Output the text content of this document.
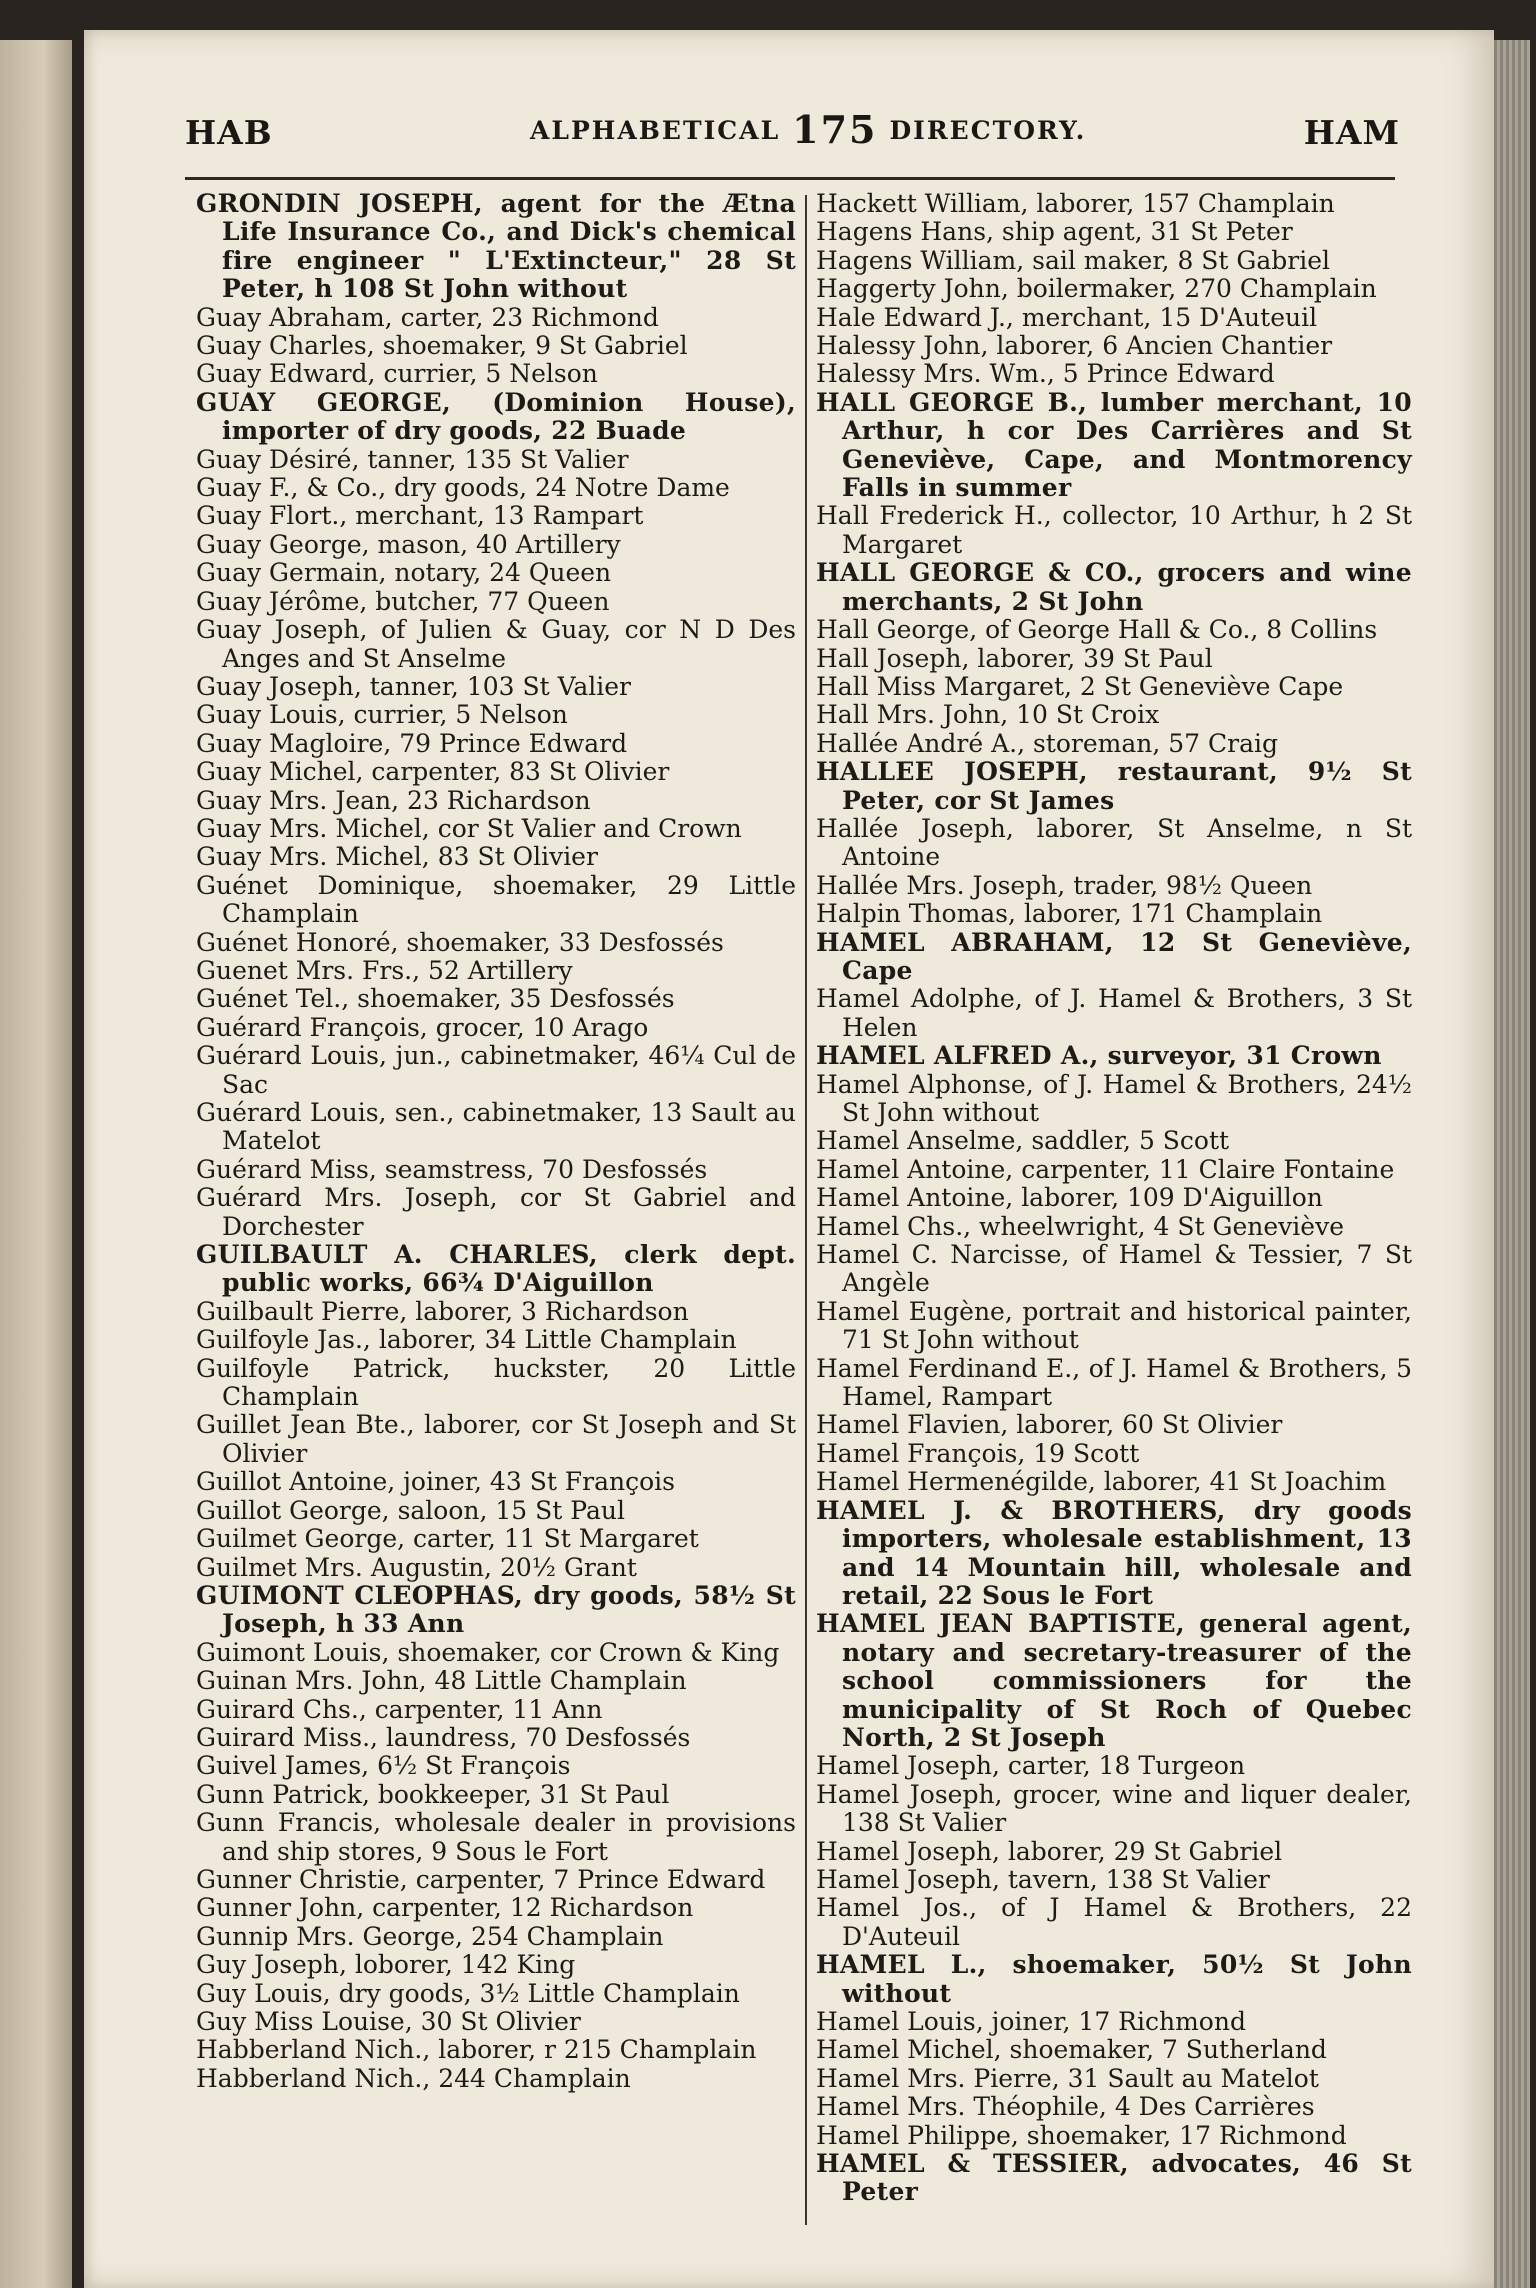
HAB	ALPHABETICAL 175 DIRECTORY.	HAM

GRONDIN JOSEPH, agent for the Ætna Life Insurance Co., and Dick's chemical fire engineer " L'Extincteur," 28 St Peter, h 108 St John without

Guay Abraham, carter, 23 Richmond

Guay Charles, shoemaker, 9 St Gabriel

Guay Edward, currier, 5 Nelson

GUAY GEORGE, (Dominion House), importer of dry goods, 22 Buade

Guay Désiré, tanner, 135 St Valier

Guay F., & Co., dry goods, 24 Notre Dame

Guay Flort., merchant, 13 Rampart

Guay George, mason, 40 Artillery

Guay Germain, notary, 24 Queen

Guay Jérôme, butcher, 77 Queen

Guay Joseph, of Julien & Guay, cor N D Des Anges and St Anselme

Guay Joseph, tanner, 103 St Valier

Guay Louis, currier, 5 Nelson

Guay Magloire, 79 Prince Edward

Guay Michel, carpenter, 83 St Olivier

Guay Mrs. Jean, 23 Richardson

Guay Mrs. Michel, cor St Valier and Crown

Guay Mrs. Michel, 83 St Olivier

Guénet Dominique, shoemaker, 29 Little Champlain

Guénet Honoré, shoemaker, 33 Desfossés

Guenet Mrs. Frs., 52 Artillery

Guénet Tel., shoemaker, 35 Desfossés

Guérard François, grocer, 10 Arago

Guérard Louis, jun., cabinetmaker, 46¼ Cul de Sac

Guérard Louis, sen., cabinetmaker, 13 Sault au Matelot

Guérard Miss, seamstress, 70 Desfossés

Guérard Mrs. Joseph, cor St Gabriel and Dorchester

GUILBAULT A. CHARLES, clerk dept. public works, 66¾ D'Aiguillon

Guilbault Pierre, laborer, 3 Richardson

Guilfoyle Jas., laborer, 34 Little Champlain

Guilfoyle Patrick, huckster, 20 Little Champlain

Guillet Jean Bte., laborer, cor St Joseph and St Olivier

Guillot Antoine, joiner, 43 St François

Guillot George, saloon, 15 St Paul

Guilmet George, carter, 11 St Margaret

Guilmet Mrs. Augustin, 20½ Grant

GUIMONT CLEOPHAS, dry goods, 58½ St Joseph, h 33 Ann

Guimont Louis, shoemaker, cor Crown & King

Guinan Mrs. John, 48 Little Champlain

Guirard Chs., carpenter, 11 Ann

Guirard Miss., laundress, 70 Desfossés

Guivel James, 6½ St François

Gunn Patrick, bookkeeper, 31 St Paul

Gunn Francis, wholesale dealer in provisions and ship stores, 9 Sous le Fort

Gunner Christie, carpenter, 7 Prince Edward

Gunner John, carpenter, 12 Richardson

Gunnip Mrs. George, 254 Champlain

Guy Joseph, loborer, 142 King

Guy Louis, dry goods, 3½ Little Champlain

Guy Miss Louise, 30 St Olivier

Habberland Nich., laborer, r 215 Champlain

Habberland Nich., 244 Champlain

Hackett William, laborer, 157 Champlain

Hagens Hans, ship agent, 31 St Peter

Hagens William, sail maker, 8 St Gabriel

Haggerty John, boilermaker, 270 Champlain

Hale Edward J., merchant, 15 D'Auteuil

Halessy John, laborer, 6 Ancien Chantier

Halessy Mrs. Wm., 5 Prince Edward

HALL GEORGE B., lumber merchant, 10 Arthur, h cor Des Carrières and St Geneviève, Cape, and Montmorency Falls in summer

Hall Frederick H., collector, 10 Arthur, h 2 St Margaret

HALL GEORGE & CO., grocers and wine merchants, 2 St John

Hall George, of George Hall & Co., 8 Collins

Hall Joseph, laborer, 39 St Paul

Hall Miss Margaret, 2 St Geneviève Cape

Hall Mrs. John, 10 St Croix

Hallée André A., storeman, 57 Craig

HALLEE JOSEPH, restaurant, 9½ St Peter, cor St James

Hallée Joseph, laborer, St Anselme, n St Antoine

Hallée Mrs. Joseph, trader, 98½ Queen

Halpin Thomas, laborer, 171 Champlain

HAMEL ABRAHAM, 12 St Geneviève, Cape

Hamel Adolphe, of J. Hamel & Brothers, 3 St Helen

HAMEL ALFRED A., surveyor, 31 Crown

Hamel Alphonse, of J. Hamel & Brothers, 24½ St John without

Hamel Anselme, saddler, 5 Scott

Hamel Antoine, carpenter, 11 Claire Fontaine

Hamel Antoine, laborer, 109 D'Aiguillon

Hamel Chs., wheelwright, 4 St Geneviève

Hamel C. Narcisse, of Hamel & Tessier, 7 St Angèle

Hamel Eugène, portrait and historical painter, 71 St John without

Hamel Ferdinand E., of J. Hamel & Brothers, 5 Hamel, Rampart

Hamel Flavien, laborer, 60 St Olivier

Hamel François, 19 Scott

Hamel Hermenégilde, laborer, 41 St Joachim

HAMEL J. & BROTHERS, dry goods importers, wholesale establishment, 13 and 14 Mountain hill, wholesale and retail, 22 Sous le Fort

HAMEL JEAN BAPTISTE, general agent, notary and secretary-treasurer of the school commissioners for the municipality of St Roch of Quebec North, 2 St Joseph

Hamel Joseph, carter, 18 Turgeon

Hamel Joseph, grocer, wine and liquer dealer, 138 St Valier

Hamel Joseph, laborer, 29 St Gabriel

Hamel Joseph, tavern, 138 St Valier

Hamel Jos., of J Hamel & Brothers, 22 D'Auteuil

HAMEL L., shoemaker, 50½ St John without

Hamel Louis, joiner, 17 Richmond

Hamel Michel, shoemaker, 7 Sutherland

Hamel Mrs. Pierre, 31 Sault au Matelot

Hamel Mrs. Théophile, 4 Des Carrières

Hamel Philippe, shoemaker, 17 Richmond

HAMEL & TESSIER, advocates, 46 St Peter
